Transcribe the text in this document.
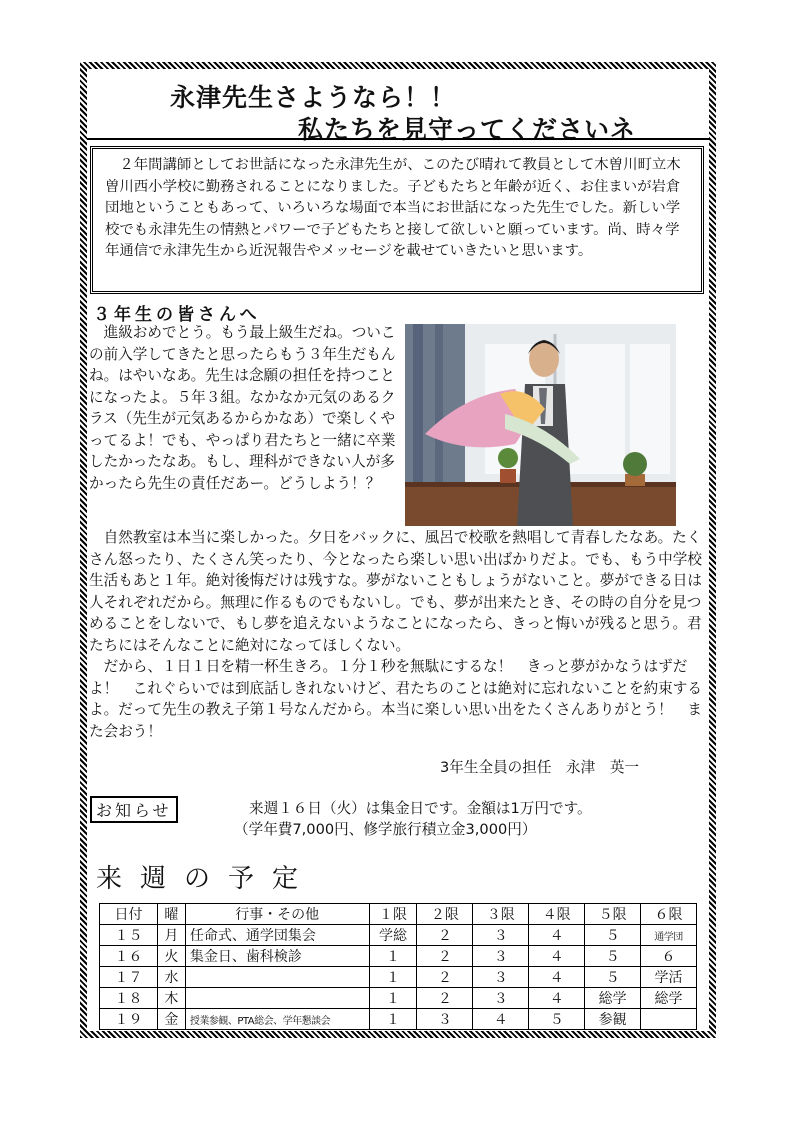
永津先生さようなら！！
私たちを見守ってくださいネ

　２年間講師としてお世話になった永津先生が、このたび晴れて教員として木曽川町立木曽川西小学校に勤務されることになりました。子どもたちと年齢が近く、お住まいが岩倉団地ということもあって、いろいろな場面で本当にお世話になった先生でした。新しい学校でも永津先生の情熱とパワーで子どもたちと接して欲しいと願っています。尚、時々学年通信で永津先生から近況報告やメッセージを載せていきたいと思います。

３年生の皆さんへ

　進級おめでとう。もう最上級生だね。ついこの前入学してきたと思ったらもう３年生だもんね。はやいなあ。先生は念願の担任を持つことになったよ。５年３組。なかなか元気のあるクラス（先生が元気あるからかなあ）で楽しくやってるよ！でも、やっぱり君たちと一緒に卒業したかったなあ。もし、理科ができない人が多かったら先生の責任だあー。どうしよう！？

　自然教室は本当に楽しかった。夕日をバックに、風呂で校歌を熱唱して青春したなあ。たくさん怒ったり、たくさん笑ったり、今となったら楽しい思い出ばかりだよ。でも、もう中学校生活もあと１年。絶対後悔だけは残すな。夢がないこともしょうがないこと。夢ができる日は人それぞれだから。無理に作るものでもないし。でも、夢が出来たとき、その時の自分を見つめることをしないで、もし夢を追えないようなことになったら、きっと悔いが残ると思う。君たちにはそんなことに絶対になってほしくない。

　だから、１日１日を精一杯生きろ。１分１秒を無駄にするな！　きっと夢がかなうはずだよ！　これぐらいでは到底話しきれないけど、君たちのことは絶対に忘れないことを約束するよ。だって先生の教え子第１号なんだから。本当に楽しい思い出をたくさんありがとう！　また会おう！

3年生全員の担任　永津　英一
お知らせ	来週１６日（火）は集金日です。金額は1万円です。
（学年費7,000円、修学旅行積立金3,000円）
来週の予定
日付	曜	行事・その他	１限	２限	３限	４限	５限	６限
１５	月	任命式、通学団集会	学総	２	３	４	５	通学団
１６	火	集金日、歯科検診	１	２	３	４	５	６
１７	水		１	２	３	４	５	学活
１８	木		１	２	３	４	総学	総学
１９	金	授業参観、PTA総会、学年懇談会	１	３	４	５	参観	
